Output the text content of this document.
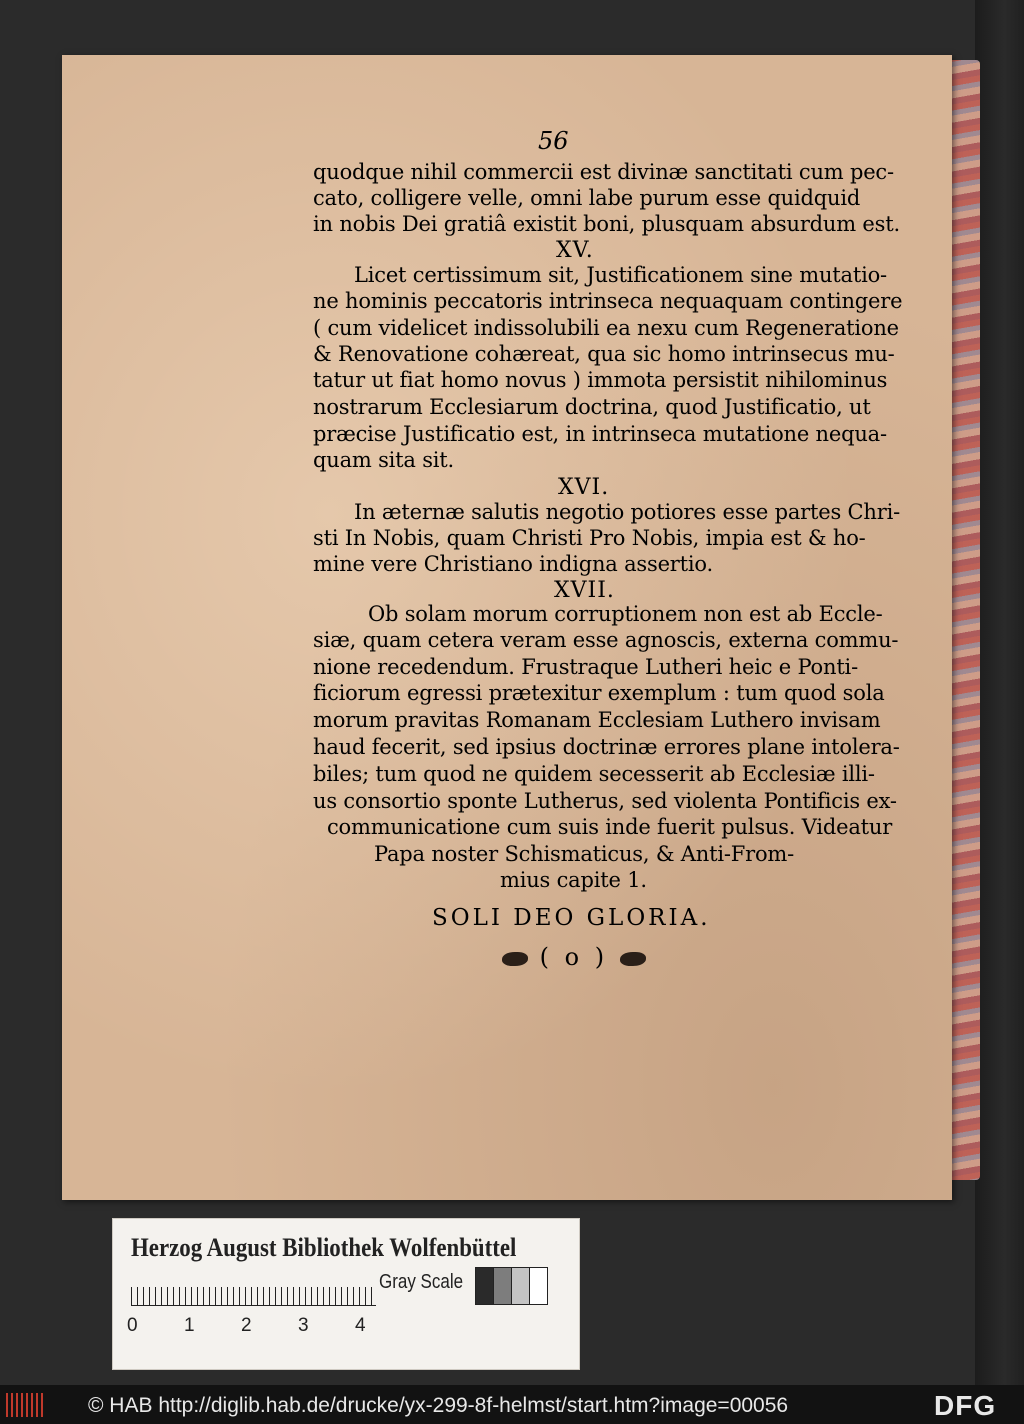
56
quodque nihil commercii est divinæ sanctitati cum pec-
cato, colligere velle, omni labe purum esse quidquid
in nobis Dei gratiâ existit boni, plusquam absurdum est.
XV.
Licet certissimum sit, Justificationem sine mutatio-
ne hominis peccatoris intrinseca nequaquam contingere
( cum videlicet indissolubili ea nexu cum Regeneratione
& Renovatione cohæreat, qua sic homo intrinsecus mu-
tatur ut fiat homo novus ) immota persistit nihilominus
nostrarum Ecclesiarum doctrina, quod Justificatio, ut
præcise Justificatio est, in intrinseca mutatione nequa-
quam sita sit.
XVI.
In æternæ salutis negotio potiores esse partes Chri-
sti In Nobis, quam Christi Pro Nobis, impia est & ho-
mine vere Christiano indigna assertio.
XVII.
Ob solam morum corruptionem non est ab Eccle-
siæ, quam cetera veram esse agnoscis, externa commu-
nione recedendum. Frustraque Lutheri heic e Ponti-
ficiorum egressi prætexitur exemplum : tum quod sola
morum pravitas Romanam Ecclesiam Luthero invisam
haud fecerit, sed ipsius doctrinæ errores plane intolera-
biles; tum quod ne quidem secesserit ab Ecclesiæ illi-
us consortio sponte Lutherus, sed violenta Pontificis ex-
communicatione cum suis inde fuerit pulsus. Videatur
Papa noster Schismaticus, & Anti-From-
mius capite 1.
SOLI DEO GLORIA.
( o )
Herzog August Bibliothek Wolfenbüttel
0 1 2 3 4
Gray Scale
© HAB http://diglib.hab.de/drucke/yx-299-8f-helmst/start.htm?image=00056	DFG
